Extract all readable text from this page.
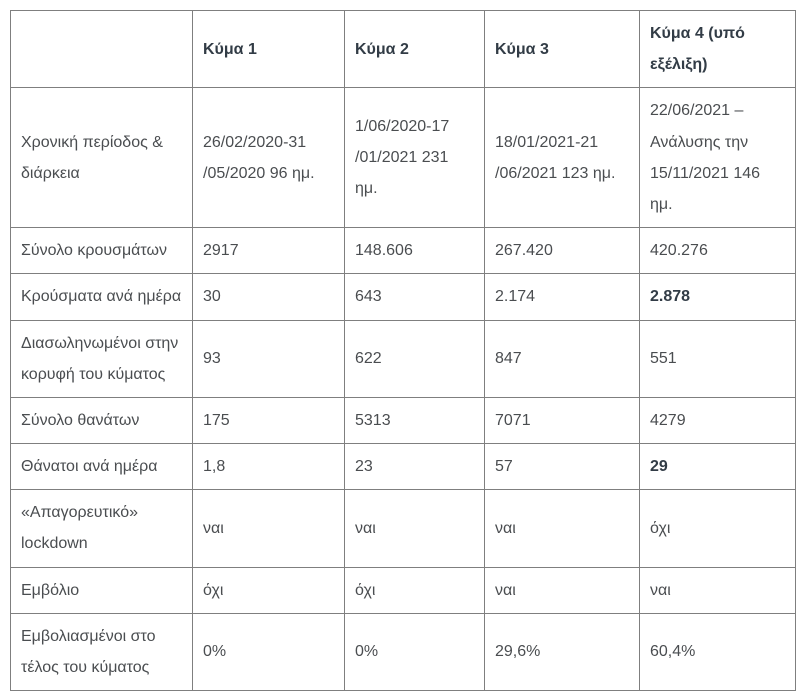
	Κύμα 1	Κύμα 2	Κύμα 3	Κύμα 4 (υπό εξέλιξη)
Χρονική περίοδος & διάρκεια	26/02/2020-31 /05/2020 96 ημ.	1/06/2020-17 /01/2021 231 ημ.	18/01/2021-21 /06/2021 123 ημ.	22/06/2021 – Ανάλυσης την 15/11/2021 146 ημ.
Σύνολο κρουσμάτων	2917	148.606	267.420	420.276
Κρούσματα ανά ημέρα	30	643	2.174	2.878
Διασωληνωμένοι στην κορυφή του κύματος	93	622	847	551
Σύνολο θανάτων	175	5313	7071	4279
Θάνατοι ανά ημέρα	1,8	23	57	29
«Απαγορευτικό» lockdown	ναι	ναι	ναι	όχι
Εμβόλιο	όχι	όχι	ναι	ναι
Εμβολιασμένοι στο τέλος του κύματος	0%	0%	29,6%	60,4%
